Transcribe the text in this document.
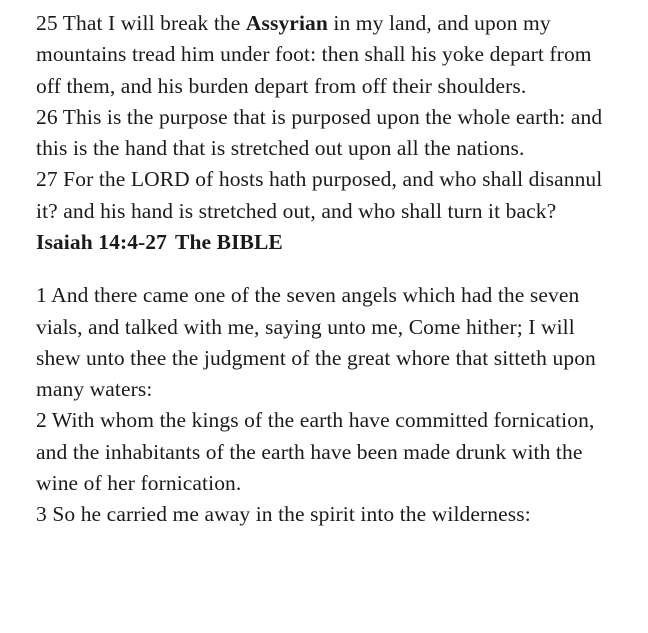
25 That I will break the Assyrian in my land, and upon my mountains tread him under foot: then shall his yoke depart from off them, and his burden depart from off their shoulders.

26 This is the purpose that is purposed upon the whole earth: and this is the hand that is stretched out upon all the nations.

27 For the LORD of hosts hath purposed, and who shall disannul it? and his hand is stretched out, and who shall turn it back?

Isaiah 14:4-27 The BIBLE

1 And there came one of the seven angels which had the seven vials, and talked with me, saying unto me, Come hither; I will shew unto thee the judgment of the great whore that sitteth upon many waters:

2 With whom the kings of the earth have committed fornication, and the inhabitants of the earth have been made drunk with the wine of her fornication.

3 So he carried me away in the spirit into the wilderness:
